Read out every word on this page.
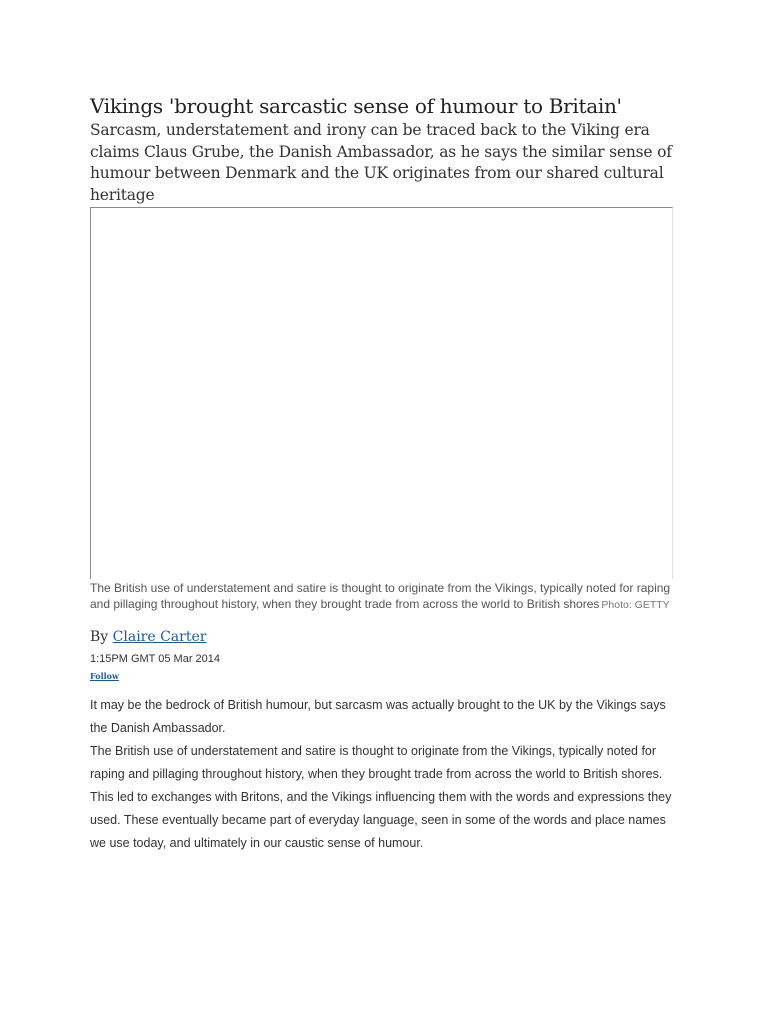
Vikings 'brought sarcastic sense of humour to Britain'

Sarcasm, understatement and irony can be traced back to the Viking era claims Claus Grube, the Danish Ambassador, as he says the similar sense of humour between Denmark and the UK originates from our shared cultural heritage

The British use of understatement and satire is thought to originate from the Vikings, typically noted for raping and pillaging throughout history, when they brought trade from across the world to British shores Photo: GETTY

By Claire Carter
1:15PM GMT 05 Mar 2014
Follow

It may be the bedrock of British humour, but sarcasm was actually brought to the UK by the Vikings says the Danish Ambassador.

The British use of understatement and satire is thought to originate from the Vikings, typically noted for raping and pillaging throughout history, when they brought trade from across the world to British shores.

This led to exchanges with Britons, and the Vikings influencing them with the words and expressions they used. These eventually became part of everyday language, seen in some of the words and place names we use today, and ultimately in our caustic sense of humour.
